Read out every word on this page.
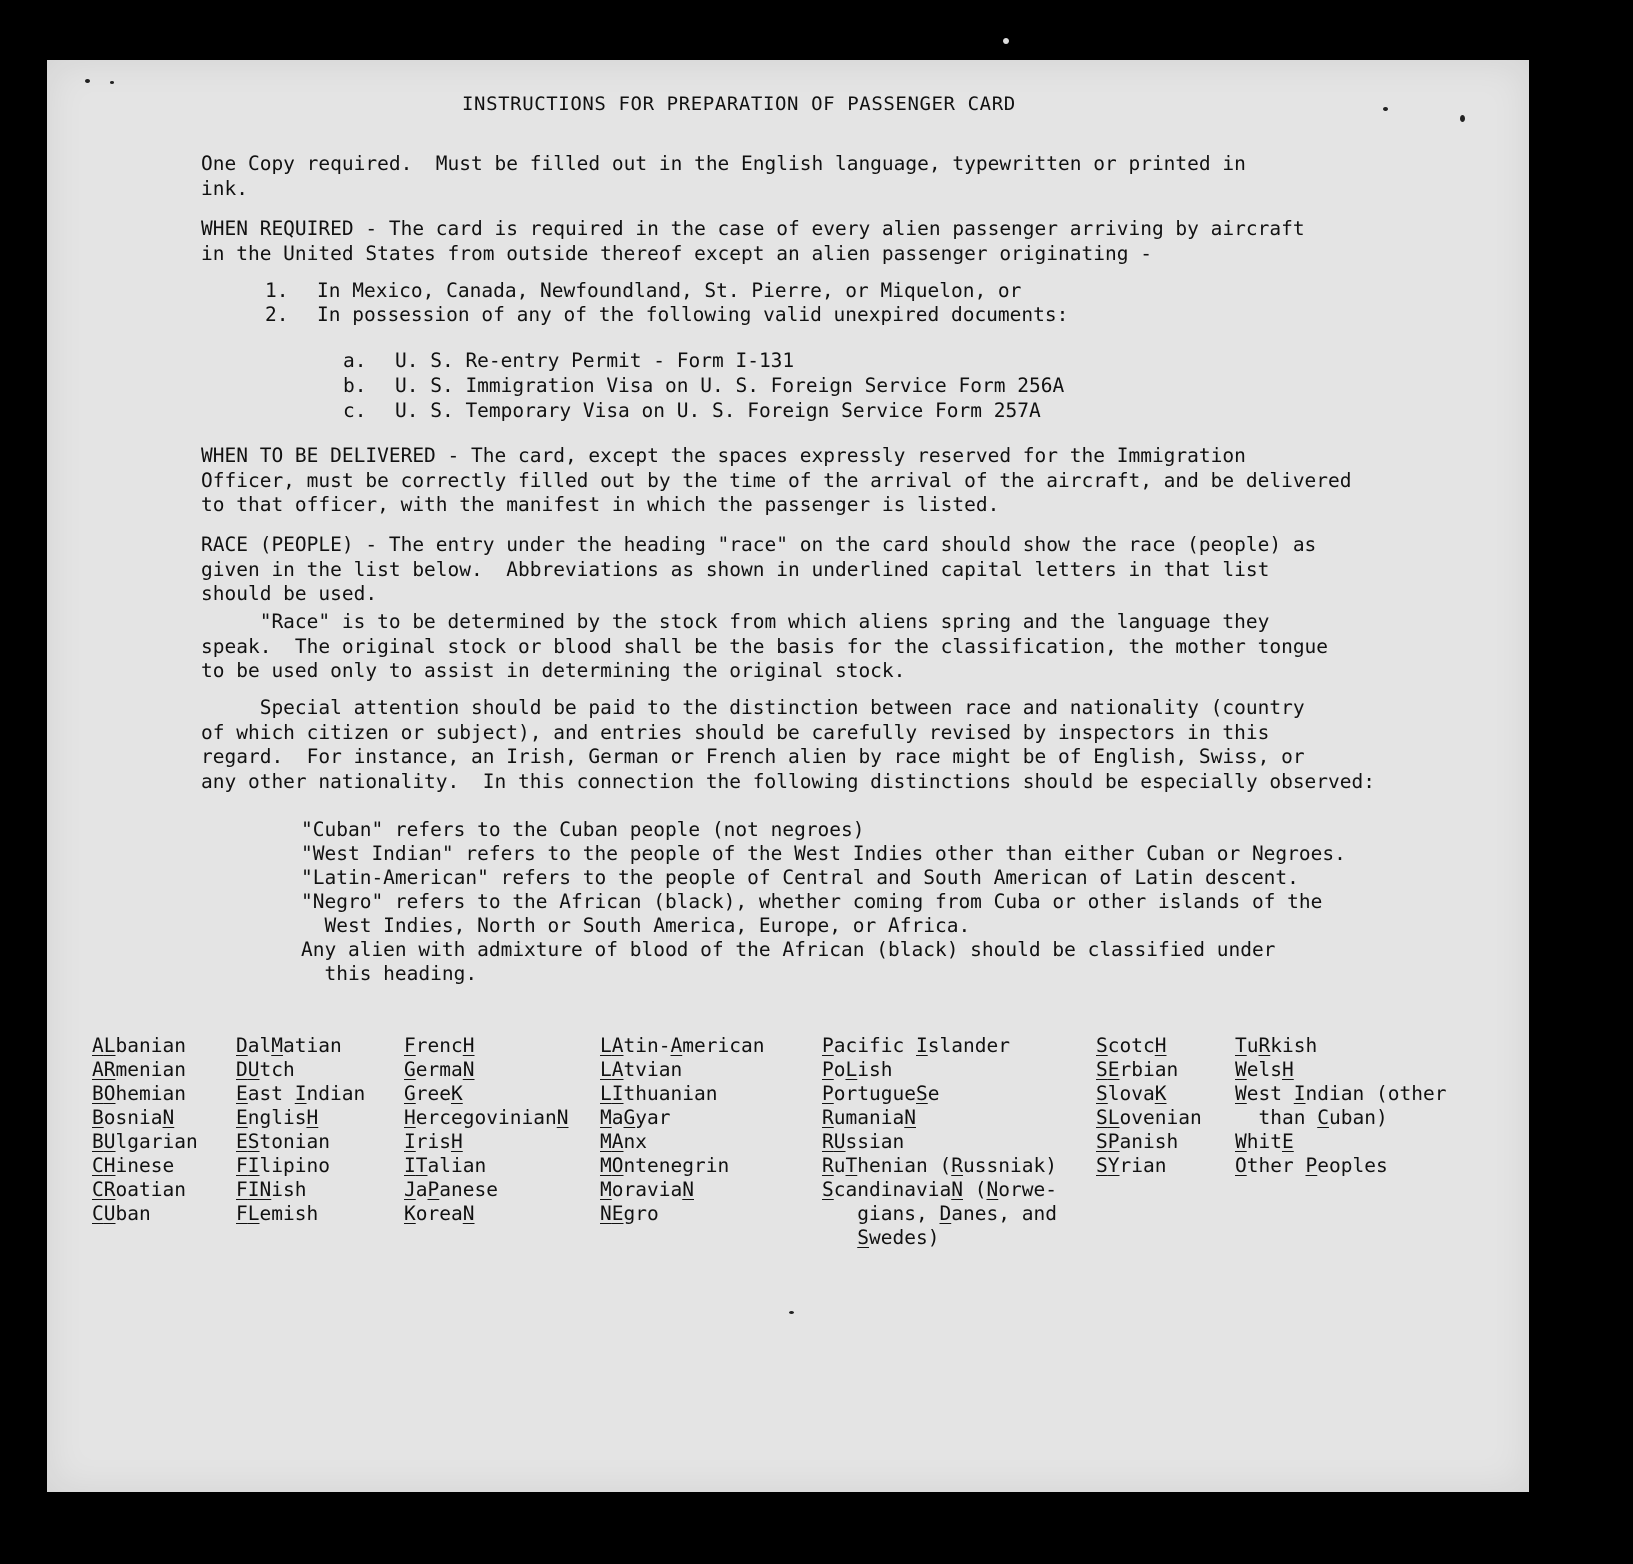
INSTRUCTIONS FOR PREPARATION OF PASSENGER CARD
One Copy required.  Must be filled out in the English language, typewritten or printed in
ink.
WHEN REQUIRED - The card is required in the case of every alien passenger arriving by aircraft
in the United States from outside thereof except an alien passenger originating -
1. In Mexico, Canada, Newfoundland, St. Pierre, or Miquelon, or
2. In possession of any of the following valid unexpired documents:
a. U. S. Re-entry Permit - Form I-131
b. U. S. Immigration Visa on U. S. Foreign Service Form 256A
c. U. S. Temporary Visa on U. S. Foreign Service Form 257A
WHEN TO BE DELIVERED - The card, except the spaces expressly reserved for the Immigration
Officer, must be correctly filled out by the time of the arrival of the aircraft, and be delivered
to that officer, with the manifest in which the passenger is listed.
RACE (PEOPLE) - The entry under the heading "race" on the card should show the race (people) as
given in the list below.  Abbreviations as shown in underlined capital letters in that list
should be used.
"Race" is to be determined by the stock from which aliens spring and the language they
speak.  The original stock or blood shall be the basis for the classification, the mother tongue
to be used only to assist in determining the original stock.
Special attention should be paid to the distinction between race and nationality (country
of which citizen or subject), and entries should be carefully revised by inspectors in this
regard.  For instance, an Irish, German or French alien by race might be of English, Swiss, or
any other nationality.  In this connection the following distinctions should be especially observed:
"Cuban" refers to the Cuban people (not negroes)
"West Indian" refers to the people of the West Indies other than either Cuban or Negroes.
"Latin-American" refers to the people of Central and South American of Latin descent.
"Negro" refers to the African (black), whether coming from Cuba or other islands of the
West Indies, North or South America, Europe, or Africa.
Any alien with admixture of blood of the African (black) should be classified under
this heading.
ALbanian
ARmenian
BOhemian
BosniaN
BUlgarian
CHinese
CRoatian
CUban
DalMatian
DUtch
East Indian
EnglisH
EStonian
FIlipino
FINish
FLemish
FrencH
GermaN
GreeK
HercegovinianN
IrisH
ITalian
JaPanese
KoreaN
LAtin-American
LAtvian
LIthuanian
MaGyar
MAnx
MOntenegrin
MoraviaN
NEgro
Pacific Islander
PoLish
PortugueSe
RumaniaN
RUssian
RuThenian (Russniak)
ScandinaviaN (Norwe-
gians, Danes, and
Swedes)
ScotcH
SErbian
SlovaK
SLovenian
SPanish
SYrian
TuRkish
WelsH
West Indian (other
than Cuban)
WhitE
Other Peoples
